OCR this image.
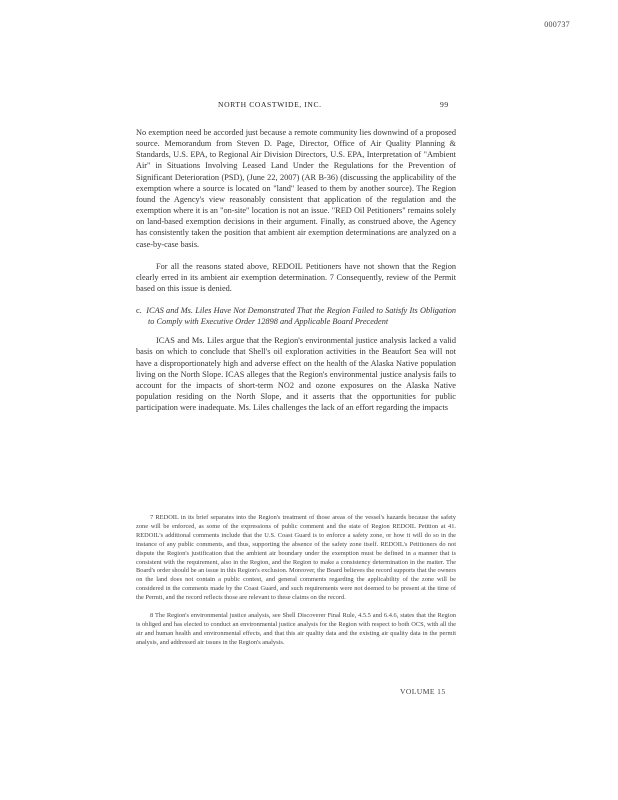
000737
NORTH COASTWIDE, INC.	99

No exemption need be accorded just because a remote community lies downwind of a proposed source. Memorandum from Steven D. Page, Director, Office of Air Quality Planning & Standards, U.S. EPA, to Regional Air Division Directors, U.S. EPA, Interpretation of "Ambient Air" in Situations Involving Leased Land Under the Regulations for the Prevention of Significant Deterioration (PSD), (June 22, 2007) (AR B-36) (discussing the applicability of the exemption where a source is located on "land" leased to them by another source). The Region found the Agency's view reasonably consistent that application of the regulation and the exemption where it is an "on-site" location is not an issue. "RED Oil Petitioners" remains solely on land-based exemption decisions in their argument. Finally, as construed above, the Agency has consistently taken the position that ambient air exemption determinations are analyzed on a case-by-case basis.

For all the reasons stated above, REDOIL Petitioners have not shown that the Region clearly erred in its ambient air exemption determination. 7 Consequently, review of the Permit based on this issue is denied.

c. ICAS and Ms. Liles Have Not Demonstrated That the Region Failed to Satisfy Its Obligation to Comply with Executive Order 12898 and Applicable Board Precedent

ICAS and Ms. Liles argue that the Region's environmental justice analysis lacked a valid basis on which to conclude that Shell's oil exploration activities in the Beaufort Sea will not have a disproportionately high and adverse effect on the health of the Alaska Native population living on the North Slope. ICAS alleges that the Region's environmental justice analysis fails to account for the impacts of short-term NO2 and ozone exposures on the Alaska Native population residing on the North Slope, and it asserts that the opportunities for public participation were inadequate. Ms. Liles challenges the lack of an effort regarding the impacts

7 REDOIL in its brief separates into the Region's treatment of those areas of the vessel's hazards because the safety zone will be enforced, as some of the expressions of public comment and the state of Region REDOIL Petition at 41. REDOIL's additional comments include that the U.S. Coast Guard is to enforce a safety zone, or how it will do so in the instance of any public comments, and thus, supporting the absence of the safety zone itself. REDOIL's Petitioners do not dispute the Region's justification that the ambient air boundary under the exemption must be defined in a manner that is consistent with the requirement, also in the Region, and the Region to make a consistency determination in the matter. The Board's order should be an issue in this Region's exclusion. Moreover, the Board believes the record supports that the owners on the land does not contain a public contest, and general comments regarding the applicability of the zone will be considered in the comments made by the Coast Guard, and such requirements were not deemed to be present at the time of the Permit, and the record reflects those are relevant to these claims on the record.

8 The Region's environmental justice analysis, see Shell Discoverer Final Rule, 4.5.5 and 6.4.6, states that the Region is obliged and has elected to conduct an environmental justice analysis for the Region with respect to both OCS, with all the air and human health and environmental effects, and that this air quality data and the existing air quality data in the permit analysis, and addressed air issues in the Region's analysis.

VOLUME 15
